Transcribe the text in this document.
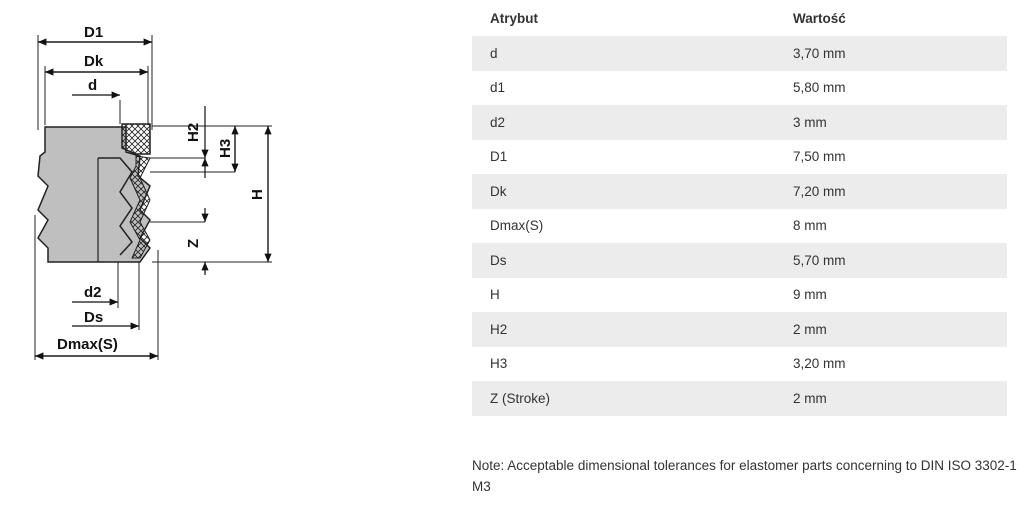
D1
Dk
d
H2
H3
H
Z
d2
Ds
Dmax(S)
Atrybut	Wartość
d	3,70 mm
d1	5,80 mm
d2	3 mm
D1	7,50 mm
Dk	7,20 mm
Dmax(S)	8 mm
Ds	5,70 mm
H	9 mm
H2	2 mm
H3	3,20 mm
Z (Stroke)	2 mm
Note: Acceptable dimensional tolerances for elastomer parts concerning to DIN ISO 3302-1 M3
